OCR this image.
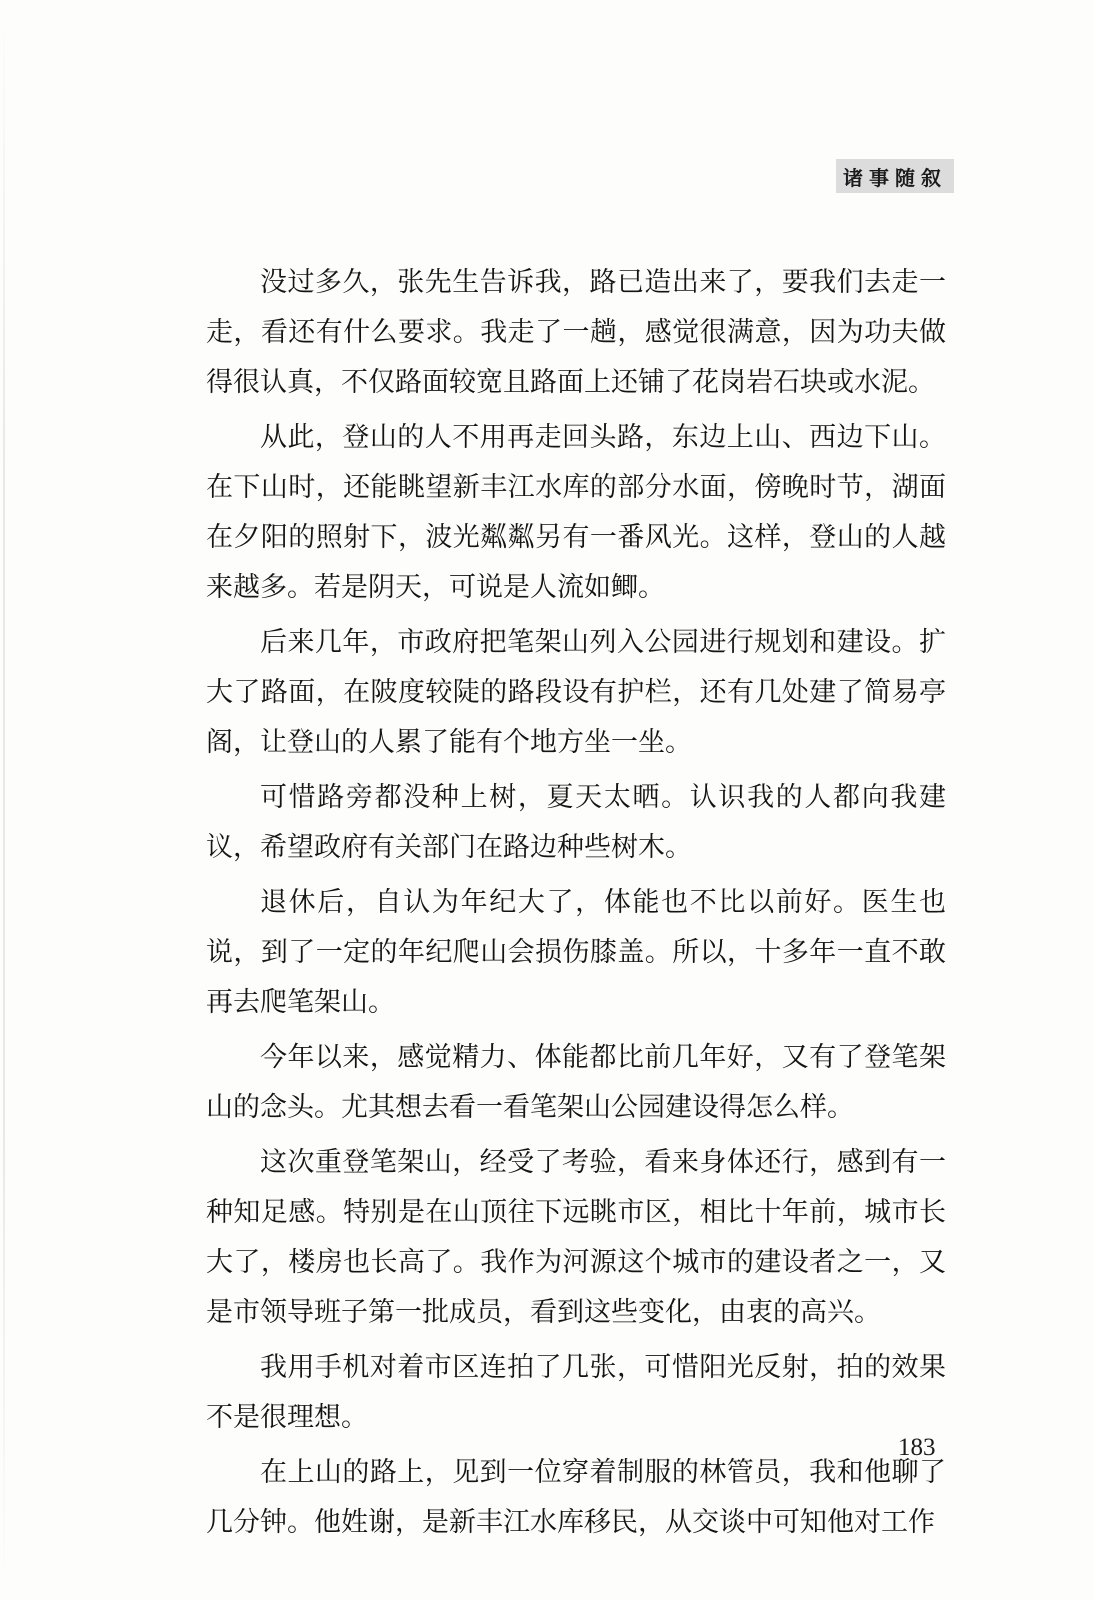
诸事随叙

没过多久，张先生告诉我，路已造出来了，要我们去走一走，看还有什么要求。我走了一趟，感觉很满意，因为功夫做得很认真，不仅路面较宽且路面上还铺了花岗岩石块或水泥。

从此，登山的人不用再走回头路，东边上山、西边下山。在下山时，还能眺望新丰江水库的部分水面，傍晚时节，湖面在夕阳的照射下，波光粼粼另有一番风光。这样，登山的人越来越多。若是阴天，可说是人流如鲫。

后来几年，市政府把笔架山列入公园进行规划和建设。扩大了路面，在陂度较陡的路段设有护栏，还有几处建了简易亭阁，让登山的人累了能有个地方坐一坐。

可惜路旁都没种上树，夏天太晒。认识我的人都向我建议，希望政府有关部门在路边种些树木。

退休后，自认为年纪大了，体能也不比以前好。医生也说，到了一定的年纪爬山会损伤膝盖。所以，十多年一直不敢再去爬笔架山。

今年以来，感觉精力、体能都比前几年好，又有了登笔架山的念头。尤其想去看一看笔架山公园建设得怎么样。

这次重登笔架山，经受了考验，看来身体还行，感到有一种知足感。特别是在山顶往下远眺市区，相比十年前，城市长大了，楼房也长高了。我作为河源这个城市的建设者之一，又是市领导班子第一批成员，看到这些变化，由衷的高兴。

我用手机对着市区连拍了几张，可惜阳光反射，拍的效果不是很理想。

在上山的路上，见到一位穿着制服的林管员，我和他聊了几分钟。他姓谢，是新丰江水库移民，从交谈中可知他对工作

183
